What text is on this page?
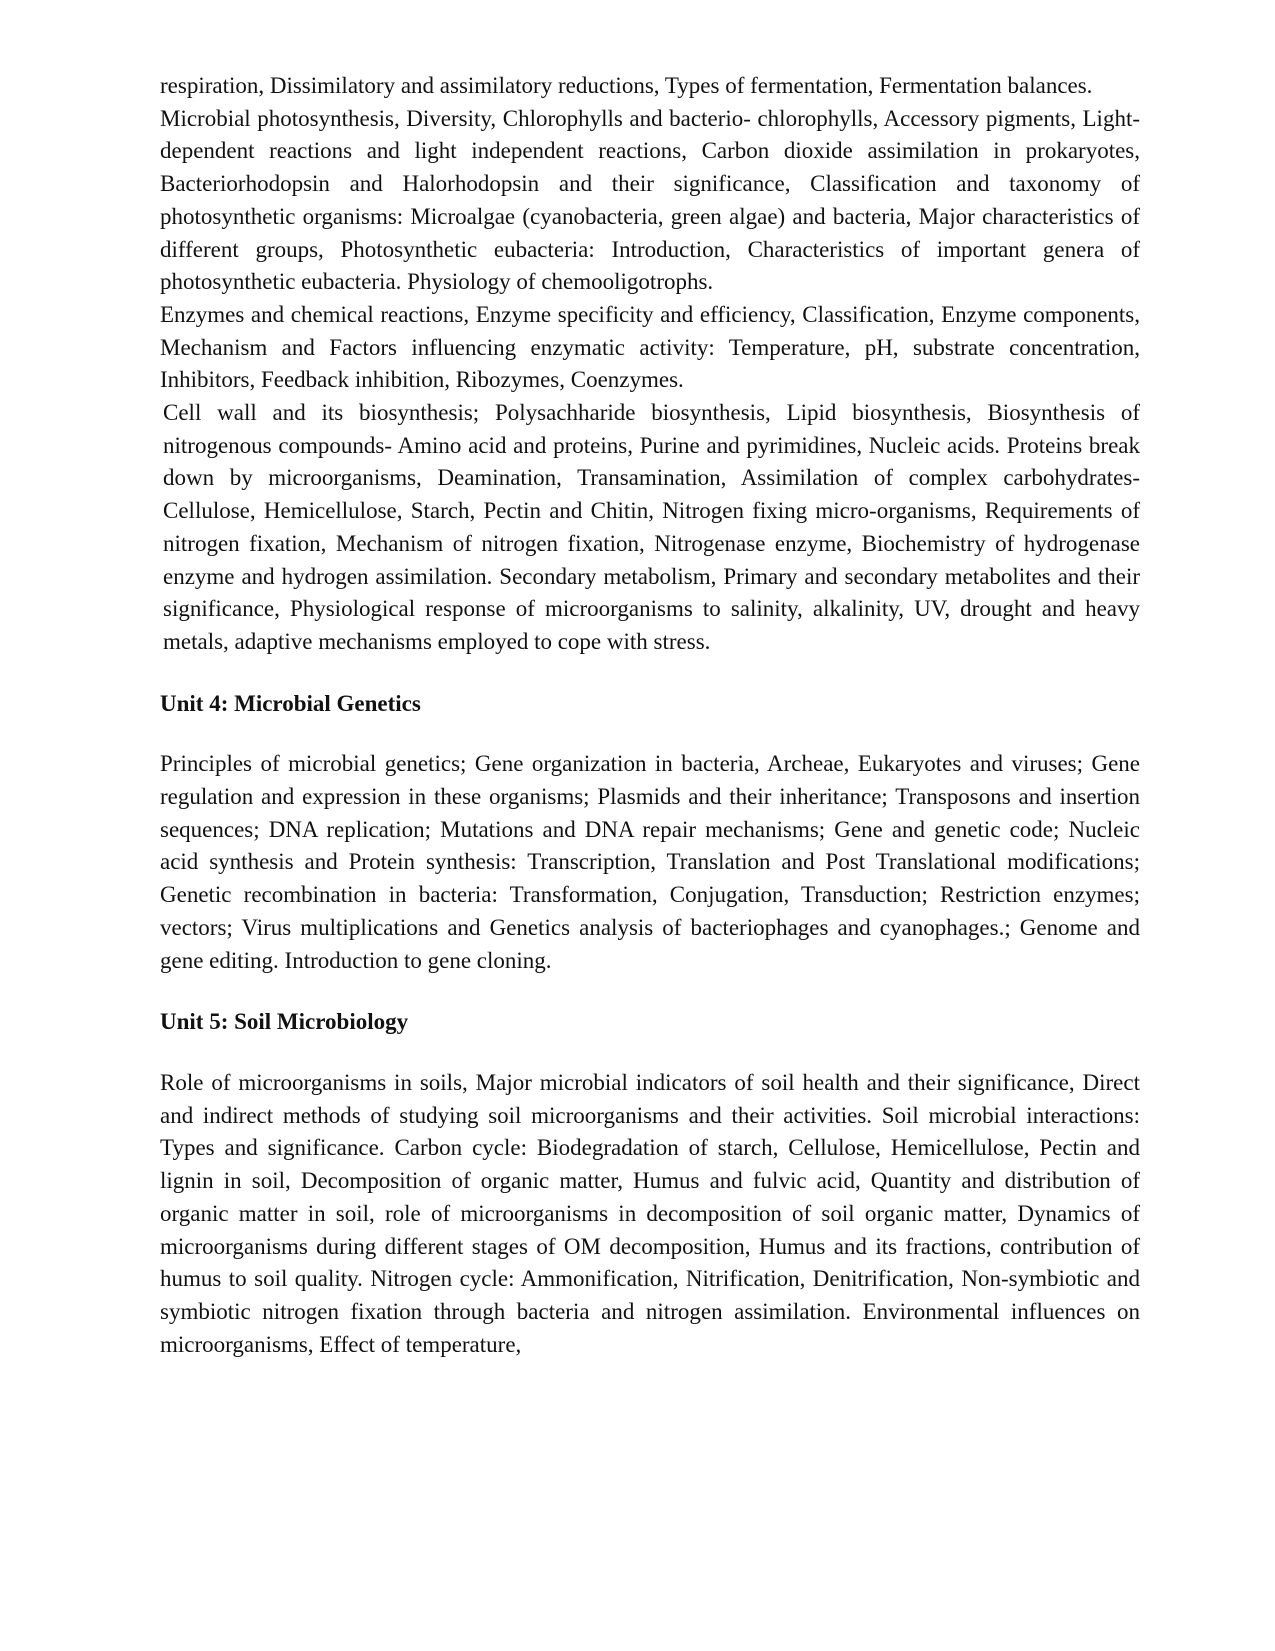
respiration, Dissimilatory and assimilatory reductions, Types of fermentation, Fermentation balances.

Microbial photosynthesis, Diversity, Chlorophylls and bacterio- chlorophylls, Accessory pigments, Light-dependent reactions and light independent reactions, Carbon dioxide assimilation in prokaryotes, Bacteriorhodopsin and Halorhodopsin and their significance, Classification and taxonomy of photosynthetic organisms: Microalgae (cyanobacteria, green algae) and bacteria, Major characteristics of different groups, Photosynthetic eubacteria: Introduction, Characteristics of important genera of photosynthetic eubacteria. Physiology of chemooligotrophs.

Enzymes and chemical reactions, Enzyme specificity and efficiency, Classification, Enzyme components, Mechanism and Factors influencing enzymatic activity: Temperature, pH, substrate concentration, Inhibitors, Feedback inhibition, Ribozymes, Coenzymes.

Cell wall and its biosynthesis; Polysachharide biosynthesis, Lipid biosynthesis, Biosynthesis of nitrogenous compounds- Amino acid and proteins, Purine and pyrimidines, Nucleic acids. Proteins break down by microorganisms, Deamination, Transamination, Assimilation of complex carbohydrates- Cellulose, Hemicellulose, Starch, Pectin and Chitin, Nitrogen fixing micro-organisms, Requirements of nitrogen fixation, Mechanism of nitrogen fixation, Nitrogenase enzyme, Biochemistry of hydrogenase enzyme and hydrogen assimilation. Secondary metabolism, Primary and secondary metabolites and their significance, Physiological response of microorganisms to salinity, alkalinity, UV, drought and heavy metals, adaptive mechanisms employed to cope with stress.

Unit 4: Microbial Genetics

Principles of microbial genetics; Gene organization in bacteria, Archeae, Eukaryotes and viruses; Gene regulation and expression in these organisms; Plasmids and their inheritance; Transposons and insertion sequences; DNA replication; Mutations and DNA repair mechanisms; Gene and genetic code; Nucleic acid synthesis and Protein synthesis: Transcription, Translation and Post Translational modifications; Genetic recombination in bacteria: Transformation, Conjugation, Transduction; Restriction enzymes; vectors; Virus multiplications and Genetics analysis of bacteriophages and cyanophages.; Genome and gene editing. Introduction to gene cloning.

Unit 5: Soil Microbiology

Role of microorganisms in soils, Major microbial indicators of soil health and their significance, Direct and indirect methods of studying soil microorganisms and their activities. Soil microbial interactions: Types and significance. Carbon cycle: Biodegradation of starch, Cellulose, Hemicellulose, Pectin and lignin in soil, Decomposition of organic matter, Humus and fulvic acid, Quantity and distribution of organic matter in soil, role of microorganisms in decomposition of soil organic matter, Dynamics of microorganisms during different stages of OM decomposition, Humus and its fractions, contribution of humus to soil quality. Nitrogen cycle: Ammonification, Nitrification, Denitrification, Non-symbiotic and symbiotic nitrogen fixation through bacteria and nitrogen assimilation. Environmental influences on microorganisms, Effect of temperature,
